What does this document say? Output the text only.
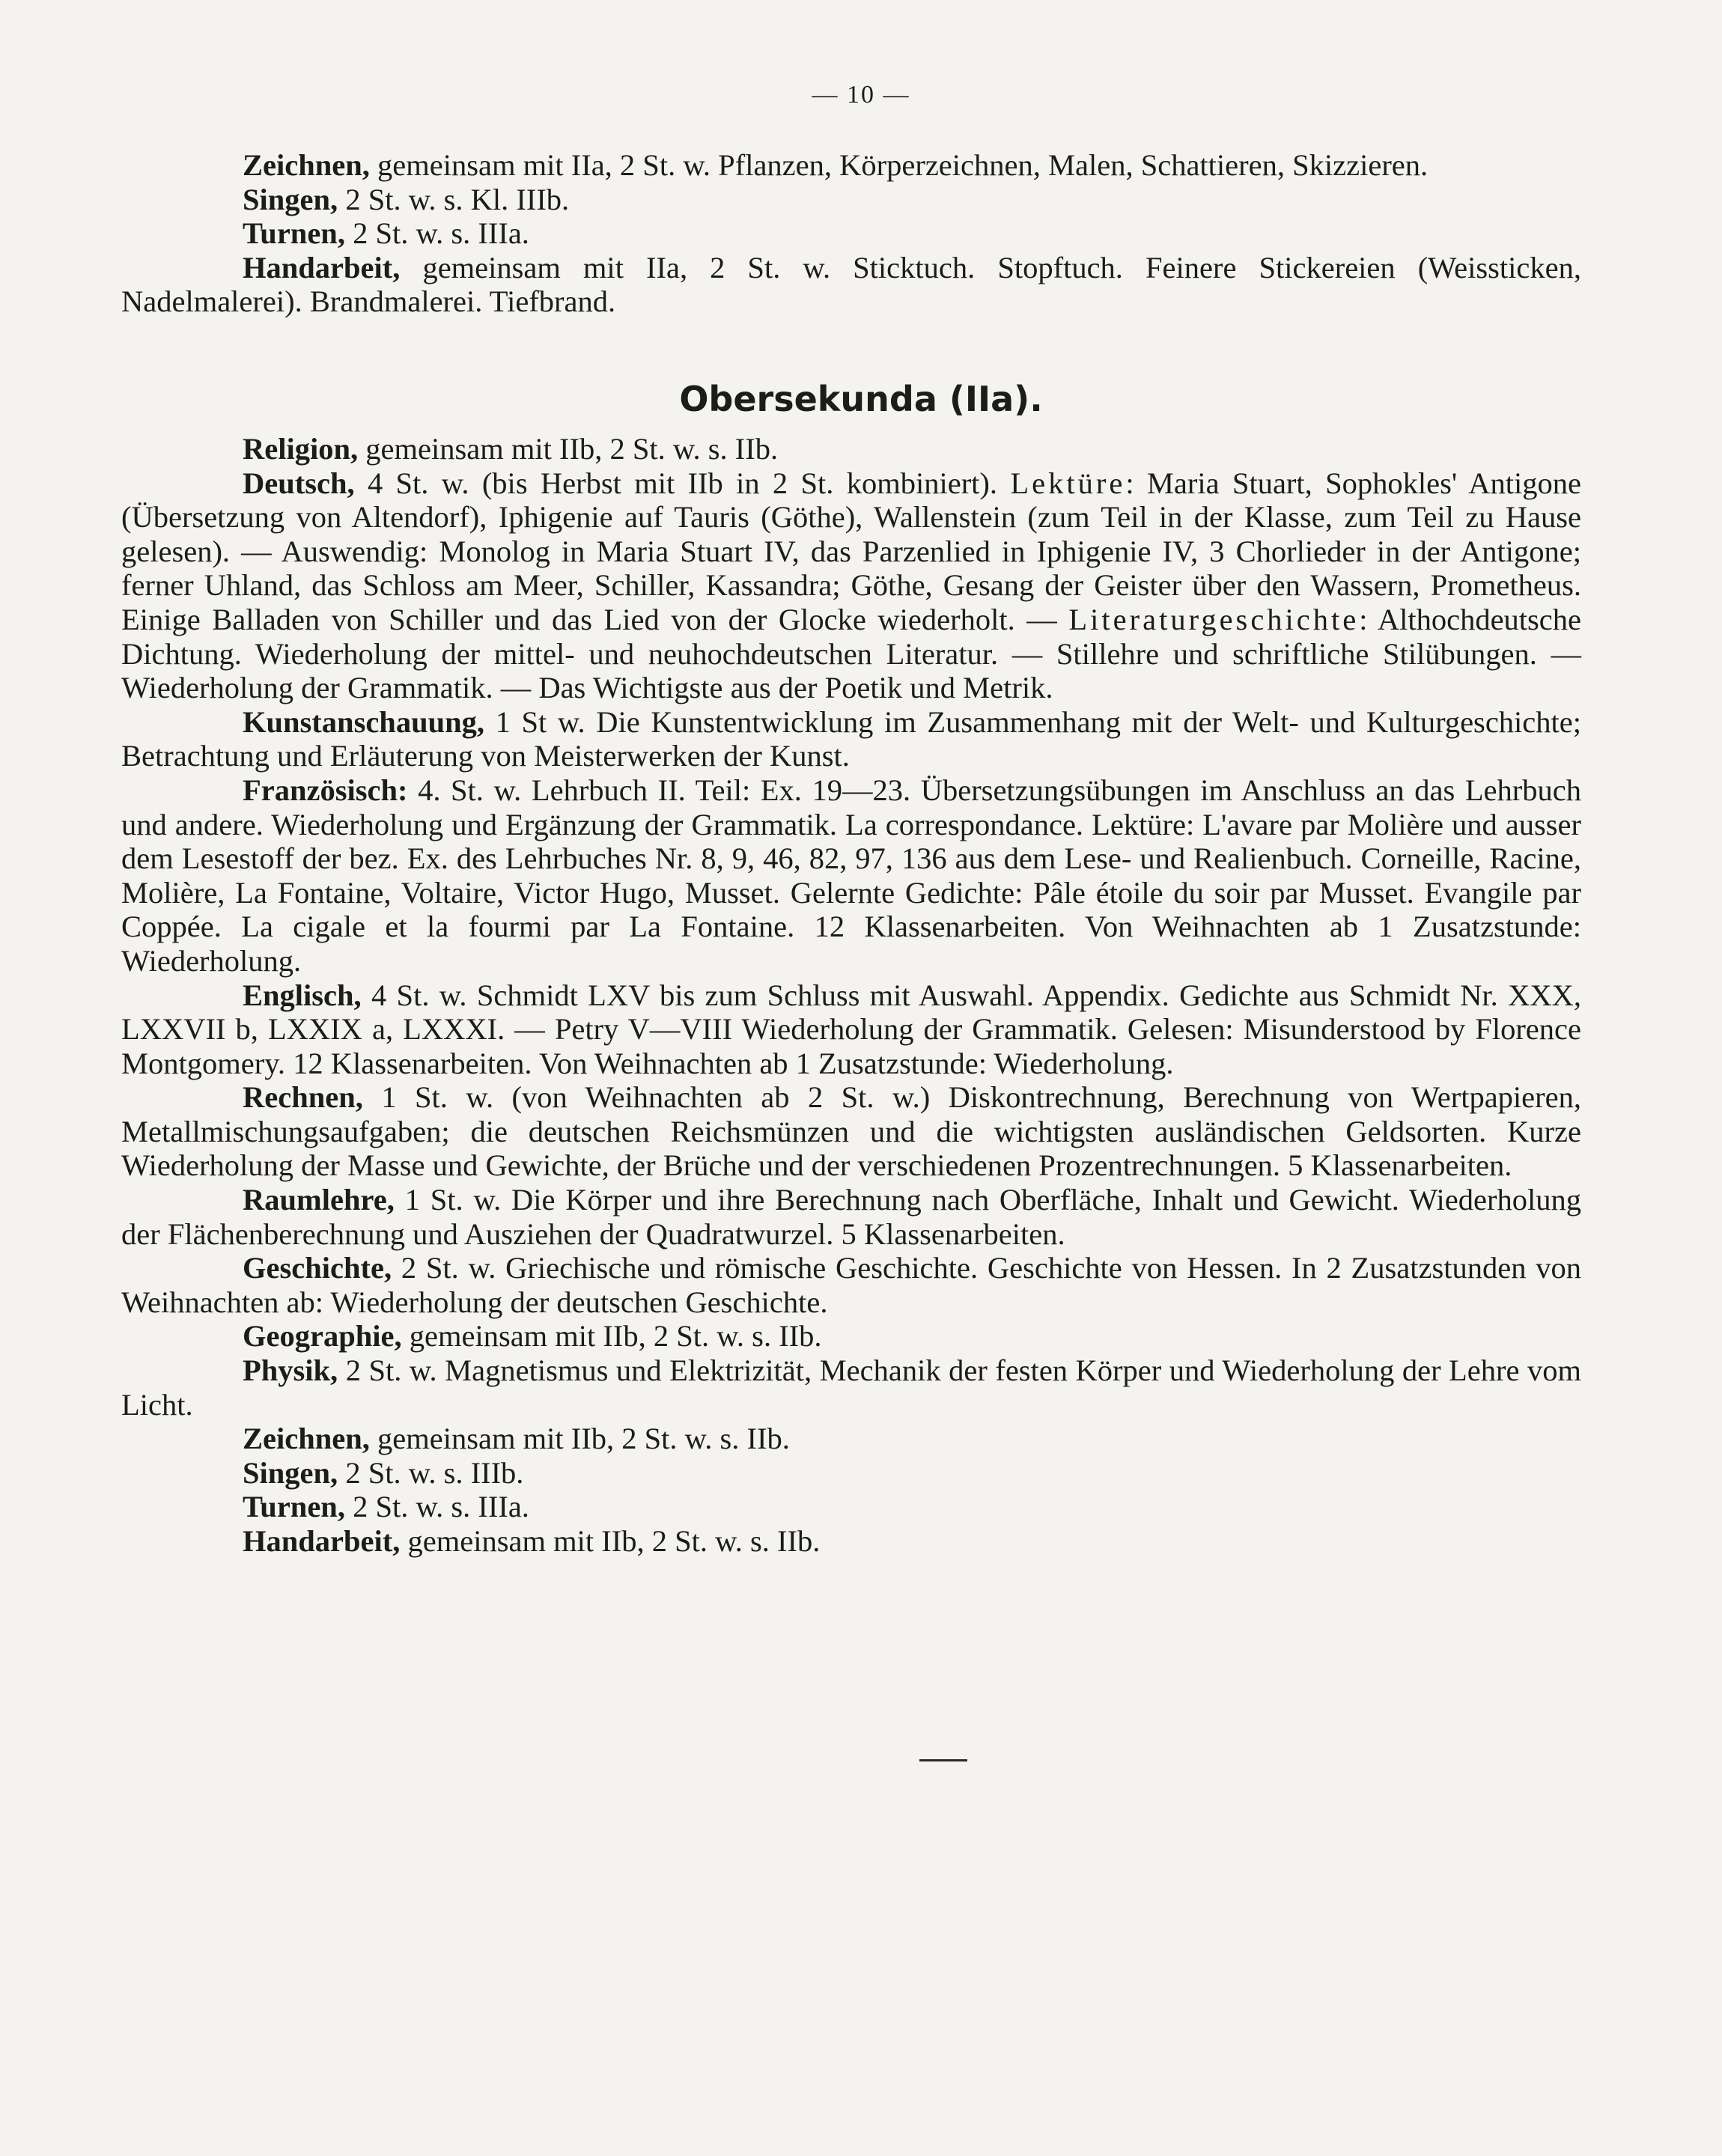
— 10 —

Zeichnen, gemeinsam mit IIa, 2 St. w. Pflanzen, Körperzeichnen, Malen, Schattieren, Skizzieren.

Singen, 2 St. w. s. Kl. IIIb.

Turnen, 2 St. w. s. IIIa.

Handarbeit, gemeinsam mit IIa, 2 St. w. Sticktuch. Stopftuch. Feinere Stickereien (Weissticken, Nadelmalerei). Brandmalerei. Tiefbrand.

Obersekunda (IIa).

Religion, gemeinsam mit IIb, 2 St. w. s. IIb.

Deutsch, 4 St. w. (bis Herbst mit IIb in 2 St. kombiniert). Lektüre: Maria Stuart, Sophokles' Antigone (Übersetzung von Altendorf), Iphigenie auf Tauris (Göthe), Wallenstein (zum Teil in der Klasse, zum Teil zu Hause gelesen). — Auswendig: Monolog in Maria Stuart IV, das Parzenlied in Iphigenie IV, 3 Chorlieder in der Antigone; ferner Uhland, das Schloss am Meer, Schiller, Kassandra; Göthe, Gesang der Geister über den Wassern, Prometheus. Einige Balladen von Schiller und das Lied von der Glocke wiederholt. — Literaturgeschichte: Althochdeutsche Dichtung. Wiederholung der mittel- und neuhochdeutschen Literatur. — Stillehre und schriftliche Stilübungen. — Wiederholung der Grammatik. — Das Wichtigste aus der Poetik und Metrik.

Kunstanschauung, 1 St w. Die Kunstentwicklung im Zusammenhang mit der Welt- und Kulturgeschichte; Betrachtung und Erläuterung von Meisterwerken der Kunst.

Französisch: 4. St. w. Lehrbuch II. Teil: Ex. 19—23. Übersetzungsübungen im Anschluss an das Lehrbuch und andere. Wiederholung und Ergänzung der Grammatik. La correspondance. Lektüre: L'avare par Molière und ausser dem Lesestoff der bez. Ex. des Lehrbuches Nr. 8, 9, 46, 82, 97, 136 aus dem Lese- und Realienbuch. Corneille, Racine, Molière, La Fontaine, Voltaire, Victor Hugo, Musset. Gelernte Gedichte: Pâle étoile du soir par Musset. Evangile par Coppée. La cigale et la fourmi par La Fontaine. 12 Klassenarbeiten. Von Weihnachten ab 1 Zusatzstunde: Wiederholung.

Englisch, 4 St. w. Schmidt LXV bis zum Schluss mit Auswahl. Appendix. Gedichte aus Schmidt Nr. XXX, LXXVII b, LXXIX a, LXXXI. — Petry V—VIII Wiederholung der Grammatik. Gelesen: Misunderstood by Florence Montgomery. 12 Klassenarbeiten. Von Weihnachten ab 1 Zusatzstunde: Wiederholung.

Rechnen, 1 St. w. (von Weihnachten ab 2 St. w.) Diskontrechnung, Berechnung von Wertpapieren, Metallmischungsaufgaben; die deutschen Reichsmünzen und die wichtigsten ausländischen Geldsorten. Kurze Wiederholung der Masse und Gewichte, der Brüche und der verschiedenen Prozentrechnungen. 5 Klassenarbeiten.

Raumlehre, 1 St. w. Die Körper und ihre Berechnung nach Oberfläche, Inhalt und Gewicht. Wiederholung der Flächenberechnung und Ausziehen der Quadratwurzel. 5 Klassenarbeiten.

Geschichte, 2 St. w. Griechische und römische Geschichte. Geschichte von Hessen. In 2 Zusatzstunden von Weihnachten ab: Wiederholung der deutschen Geschichte.

Geographie, gemeinsam mit IIb, 2 St. w. s. IIb.

Physik, 2 St. w. Magnetismus und Elektrizität, Mechanik der festen Körper und Wiederholung der Lehre vom Licht.

Zeichnen, gemeinsam mit IIb, 2 St. w. s. IIb.

Singen, 2 St. w. s. IIIb.

Turnen, 2 St. w. s. IIIa.

Handarbeit, gemeinsam mit IIb, 2 St. w. s. IIb.
